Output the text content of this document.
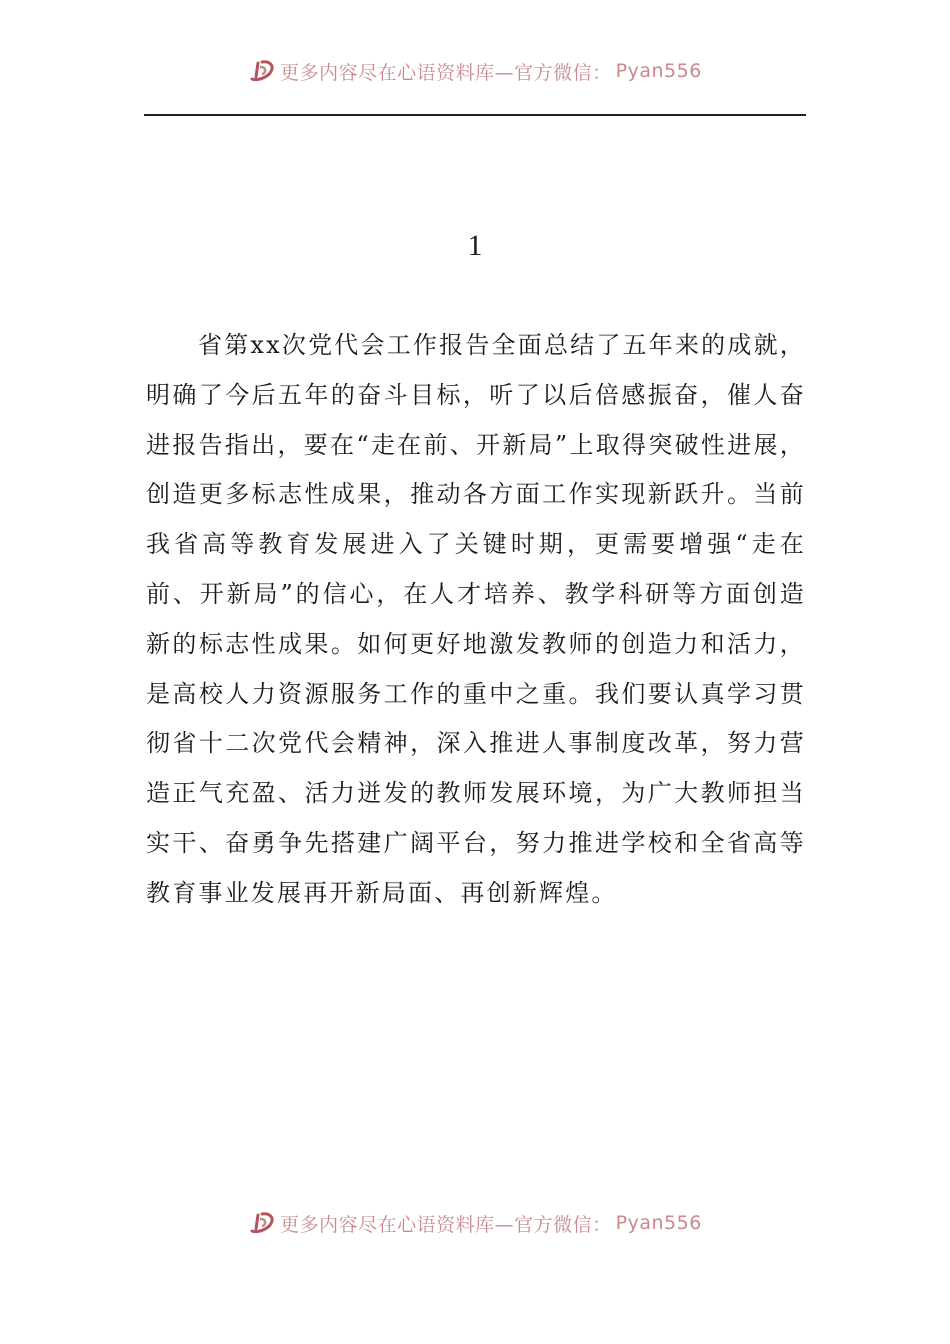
更多内容尽在心语资料库—官方微信： Pyan556
1

省第xx次党代会工作报告全面总结了五年来的成就，明确了今后五年的奋斗目标，听了以后倍感振奋，催人奋进报告指出，要在“走在前、开新局”上取得突破性进展，创造更多标志性成果，推动各方面工作实现新跃升。当前我省高等教育发展进入了关键时期，更需要增强“走在前、开新局”的信心，在人才培养、教学科研等方面创造新的标志性成果。如何更好地激发教师的创造力和活力，是高校人力资源服务工作的重中之重。我们要认真学习贯彻省十二次党代会精神，深入推进人事制度改革，努力营造正气充盈、活力迸发的教师发展环境，为广大教师担当实干、奋勇争先搭建广阔平台，努力推进学校和全省高等教育事业发展再开新局面、再创新辉煌。

更多内容尽在心语资料库—官方微信： Pyan556
